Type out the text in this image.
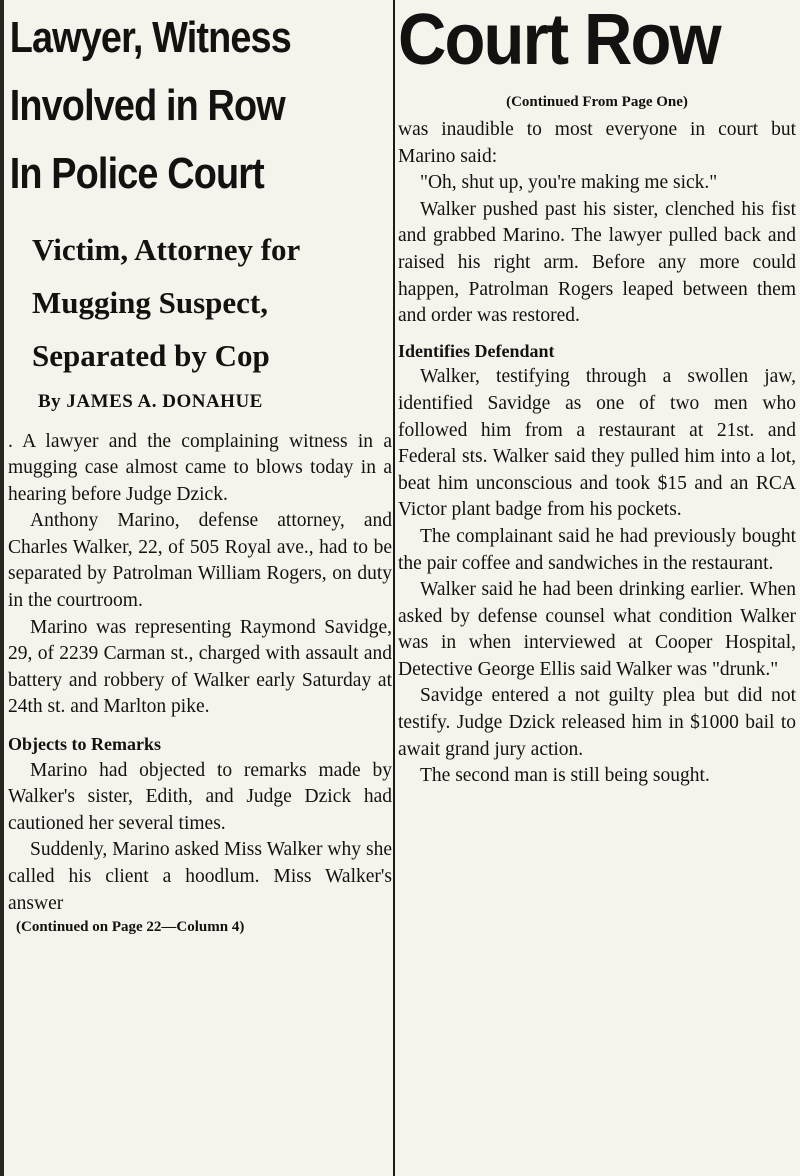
Lawyer, Witness
Involved in Row
In Police Court
Victim, Attorney for
Mugging Suspect,
Separated by Cop
By JAMES A. DONAHUE

. A lawyer and the complaining witness in a mugging case almost came to blows today in a hearing before Judge Dzick.

Anthony Marino, defense attorney, and Charles Walker, 22, of 505 Royal ave., had to be separated by Patrolman William Rogers, on duty in the courtroom.

Marino was representing Raymond Savidge, 29, of 2239 Carman st., charged with assault and battery and robbery of Walker early Saturday at 24th st. and Marlton pike.

Objects to Remarks

Marino had objected to remarks made by Walker's sister, Edith, and Judge Dzick had cautioned her several times.

Suddenly, Marino asked Miss Walker why she called his client a hoodlum. Miss Walker's answer

(Continued on Page 22—Column 4)

Court Row

(Continued From Page One)

was inaudible to most everyone in court but Marino said:

"Oh, shut up, you're making me sick."

Walker pushed past his sister, clenched his fist and grabbed Marino. The lawyer pulled back and raised his right arm. Before any more could happen, Patrolman Rogers leaped between them and order was restored.

Identifies Defendant

Walker, testifying through a swollen jaw, identified Savidge as one of two men who followed him from a restaurant at 21st. and Federal sts. Walker said they pulled him into a lot, beat him unconscious and took $15 and an RCA Victor plant badge from his pockets.

The complainant said he had previously bought the pair coffee and sandwiches in the restaurant.

Walker said he had been drinking earlier. When asked by defense counsel what condition Walker was in when interviewed at Cooper Hospital, Detective George Ellis said Walker was "drunk."

Savidge entered a not guilty plea but did not testify. Judge Dzick released him in $1000 bail to await grand jury action.

The second man is still being sought.
